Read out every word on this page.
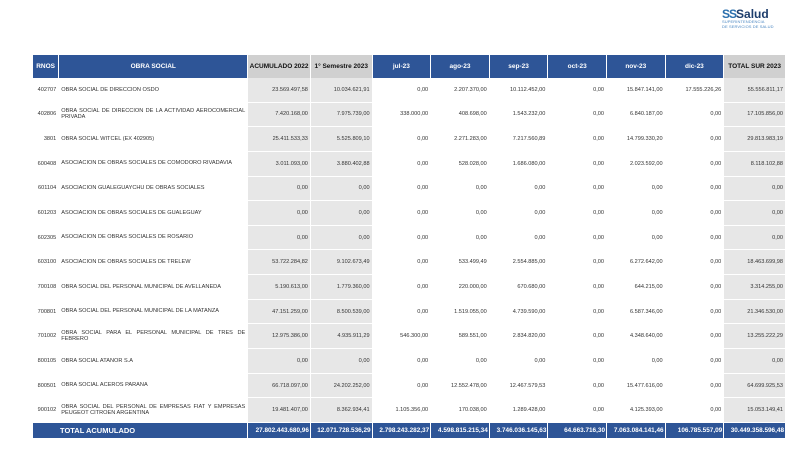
SS Salud
SUPERINTENDENCIA
DE SERVICIOS DE SALUD
RNOS	OBRA SOCIAL	ACUMULADO 2022	1° Semestre 2023	jul-23	ago-23	sep-23	oct-23	nov-23	dic-23	TOTAL SUR 2023
402707	OBRA SOCIAL DE DIRECCION OSDO	23.569.497,58	10.034.621,91	0,00	2.207.370,00	10.112.452,00	0,00	15.847.141,00	17.555.226,26	55.556.811,17
402806	OBRA SOCIAL DE DIRECCION DE LA ACTIVIDAD AEROCOMERCIAL PRIVADA	7.420.168,00	7.975.739,00	338.000,00	408.698,00	1.543.232,00	0,00	6.840.187,00	0,00	17.105.856,00
3801	OBRA SOCIAL WITCEL (EX 402905)	25.411.533,33	5.525.809,10	0,00	2.271.283,00	7.217.560,89	0,00	14.799.330,20	0,00	29.813.983,19
600408	ASOCIACION DE OBRAS SOCIALES DE COMODORO RIVADAVIA	3.011.093,00	3.880.402,88	0,00	528.028,00	1.686.080,00	0,00	2.023.592,00	0,00	8.118.102,88
601104	ASOCIACION GUALEGUAYCHU DE OBRAS SOCIALES	0,00	0,00	0,00	0,00	0,00	0,00	0,00	0,00	0,00
601203	ASOCIACION DE OBRAS SOCIALES DE GUALEGUAY	0,00	0,00	0,00	0,00	0,00	0,00	0,00	0,00	0,00
602305	ASOCIACION DE OBRAS SOCIALES DE ROSARIO	0,00	0,00	0,00	0,00	0,00	0,00	0,00	0,00	0,00
603100	ASOCIACION DE OBRAS SOCIALES DE TRELEW	53.722.284,82	9.102.673,49	0,00	533.499,49	2.554.885,00	0,00	6.272.642,00	0,00	18.463.699,98
700108	OBRA SOCIAL DEL PERSONAL MUNICIPAL DE AVELLANEDA	5.190.613,00	1.779.360,00	0,00	220.000,00	670.680,00	0,00	644.215,00	0,00	3.314.255,00
700801	OBRA SOCIAL DEL PERSONAL MUNICIPAL DE LA MATANZA	47.151.259,00	8.500.539,00	0,00	1.519.055,00	4.739.590,00	0,00	6.587.346,00	0,00	21.346.530,00
701002	OBRA SOCIAL PARA EL PERSONAL MUNICIPAL DE TRES DE FEBRERO	12.975.386,00	4.935.911,29	546.300,00	589.551,00	2.834.820,00	0,00	4.348.640,00	0,00	13.255.222,29
800105	OBRA SOCIAL ATANOR S.A	0,00	0,00	0,00	0,00	0,00	0,00	0,00	0,00	0,00
800501	OBRA SOCIAL ACEROS PARANA	66.718.097,00	24.202.252,00	0,00	12.552.478,00	12.467.579,53	0,00	15.477.616,00	0,00	64.699.925,53
900102	OBRA SOCIAL DEL PERSONAL DE EMPRESAS FIAT Y EMPRESAS PEUGEOT CITROEN ARGENTINA	19.481.407,00	8.362.934,41	1.105.356,00	170.038,00	1.289.428,00	0,00	4.125.393,00	0,00	15.053.149,41
TOTAL ACUMULADO		27.802.443.680,96	12.071.728.536,29	2.798.243.282,37	4.598.815.215,34	3.746.036.145,63	64.663.716,30	7.063.084.141,46	106.785.557,09	30.449.358.596,48
